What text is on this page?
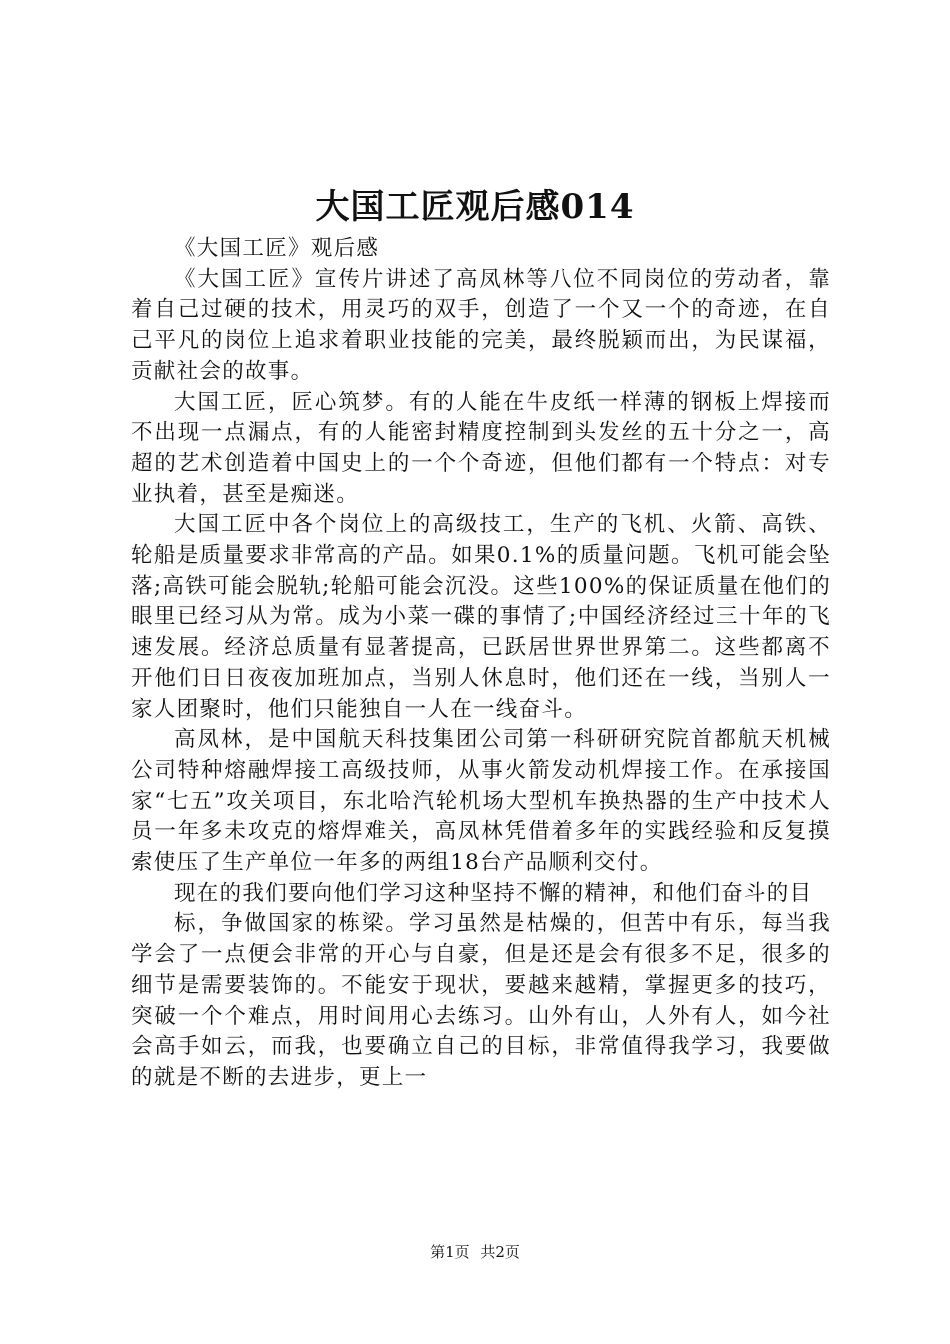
大国工匠观后感014

《大国工匠》观后感

《大国工匠》宣传片讲述了高凤林等八位不同岗位的劳动者，靠着自己过硬的技术，用灵巧的双手，创造了一个又一个的奇迹，在自己平凡的岗位上追求着职业技能的完美，最终脱颖而出，为民谋福，贡献社会的故事。

大国工匠，匠心筑梦。有的人能在牛皮纸一样薄的钢板上焊接而不出现一点漏点，有的人能密封精度控制到头发丝的五十分之一，高超的艺术创造着中国史上的一个个奇迹，但他们都有一个特点：对专业执着，甚至是痴迷。

大国工匠中各个岗位上的高级技工，生产的飞机、火箭、高铁、轮船是质量要求非常高的产品。如果0.1%的质量问题。飞机可能会坠落;高铁可能会脱轨;轮船可能会沉没。这些100%的保证质量在他们的眼里已经习从为常。成为小菜一碟的事情了;中国经济经过三十年的飞速发展。经济总质量有显著提高，已跃居世界世界第二。这些都离不开他们日日夜夜加班加点，当别人休息时，他们还在一线，当别人一家人团聚时，他们只能独自一人在一线奋斗。

高凤林，是中国航天科技集团公司第一科研研究院首都航天机械公司特种熔融焊接工高级技师，从事火箭发动机焊接工作。在承接国家“七五”攻关项目，东北哈汽轮机场大型机车换热器的生产中技术人员一年多未攻克的熔焊难关，高凤林凭借着多年的实践经验和反复摸索使压了生产单位一年多的两组18台产品顺利交付。

现在的我们要向他们学习这种坚持不懈的精神，和他们奋斗的目

标，争做国家的栋梁。学习虽然是枯燥的，但苦中有乐，每当我学会了一点便会非常的开心与自豪，但是还是会有很多不足，很多的细节是需要装饰的。不能安于现状，要越来越精，掌握更多的技巧，突破一个个难点，用时间用心去练习。山外有山，人外有人，如今社会高手如云，而我，也要确立自己的目标，非常值得我学习，我要做的就是不断的去进步，更上一

第1页 共2页
